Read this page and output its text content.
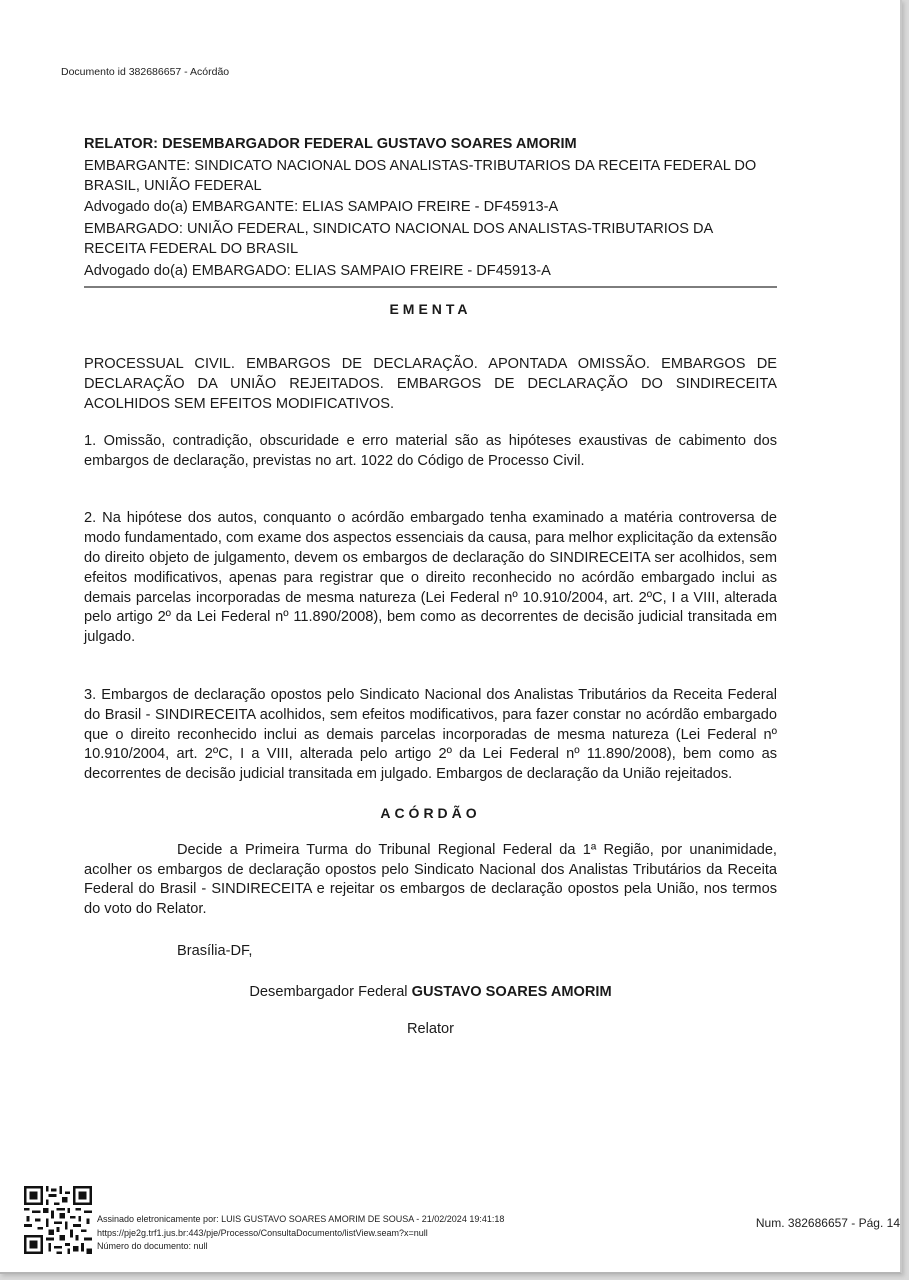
Documento id 382686657 - Acórdão

RELATOR: DESEMBARGADOR FEDERAL GUSTAVO SOARES AMORIM

EMBARGANTE: SINDICATO NACIONAL DOS ANALISTAS-TRIBUTARIOS DA RECEITA FEDERAL DO BRASIL, UNIÃO FEDERAL

Advogado do(a) EMBARGANTE: ELIAS SAMPAIO FREIRE - DF45913-A

EMBARGADO: UNIÃO FEDERAL, SINDICATO NACIONAL DOS ANALISTAS-TRIBUTARIOS DA RECEITA FEDERAL DO BRASIL

Advogado do(a) EMBARGADO: ELIAS SAMPAIO FREIRE - DF45913-A

EMENTA

PROCESSUAL CIVIL. EMBARGOS DE DECLARAÇÃO. APONTADA OMISSÃO. EMBARGOS DE DECLARAÇÃO DA UNIÃO REJEITADOS. EMBARGOS DE DECLARAÇÃO DO SINDIRECEITA ACOLHIDOS SEM EFEITOS MODIFICATIVOS.

1. Omissão, contradição, obscuridade e erro material são as hipóteses exaustivas de cabimento dos embargos de declaração, previstas no art. 1022 do Código de Processo Civil.

2. Na hipótese dos autos, conquanto o acórdão embargado tenha examinado a matéria controversa de modo fundamentado, com exame dos aspectos essenciais da causa, para melhor explicitação da extensão do direito objeto de julgamento, devem os embargos de declaração do SINDIRECEITA ser acolhidos, sem efeitos modificativos, apenas para registrar que o direito reconhecido no acórdão embargado inclui as demais parcelas incorporadas de mesma natureza (Lei Federal nº 10.910/2004, art. 2ºC, I a VIII, alterada pelo artigo 2º da Lei Federal nº 11.890/2008), bem como as decorrentes de decisão judicial transitada em julgado.

3. Embargos de declaração opostos pelo Sindicato Nacional dos Analistas Tributários da Receita Federal do Brasil - SINDIRECEITA acolhidos, sem efeitos modificativos, para fazer constar no acórdão embargado que o direito reconhecido inclui as demais parcelas incorporadas de mesma natureza (Lei Federal nº 10.910/2004, art. 2ºC, I a VIII, alterada pelo artigo 2º da Lei Federal nº 11.890/2008), bem como as decorrentes de decisão judicial transitada em julgado. Embargos de declaração da União rejeitados.

ACÓRDÃO

Decide a Primeira Turma do Tribunal Regional Federal da 1ª Região, por unanimidade, acolher os embargos de declaração opostos pelo Sindicato Nacional dos Analistas Tributários da Receita Federal do Brasil - SINDIRECEITA e rejeitar os embargos de declaração opostos pela União, nos termos do voto do Relator.

Brasília-DF,

Desembargador Federal GUSTAVO SOARES AMORIM

Relator

Assinado eletronicamente por: LUIS GUSTAVO SOARES AMORIM DE SOUSA - 21/02/2024 19:41:18
https://pje2g.trf1.jus.br:443/pje/Processo/ConsultaDocumento/listView.seam?x=null
Número do documento: null
Num. 382686657 - Pág. 14
